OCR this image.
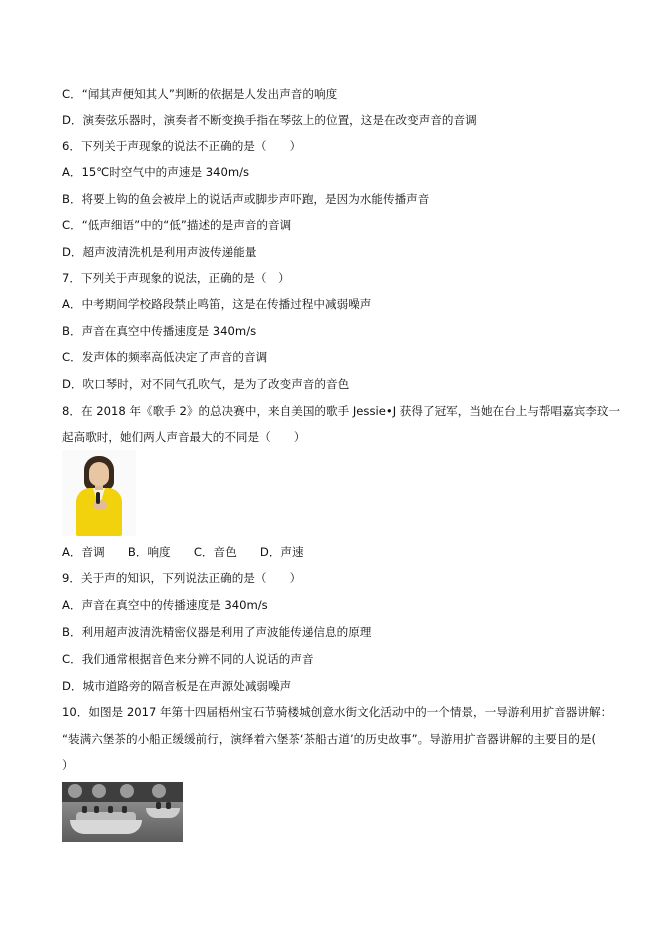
C．“闻其声便知其人”判断的依据是人发出声音的响度
D．演奏弦乐器时，演奏者不断变换手指在琴弦上的位置，这是在改变声音的音调
6．下列关于声现象的说法不正确的是（　　）
A．15℃时空气中的声速是 340m/s
B．将要上钩的鱼会被岸上的说话声或脚步声吓跑，是因为水能传播声音
C．“低声细语”中的“低”描述的是声音的音调
D．超声波清洗机是利用声波传递能量
7．下列关于声现象的说法，正确的是（　）
A．中考期间学校路段禁止鸣笛，这是在传播过程中减弱噪声
B．声音在真空中传播速度是 340m/s
C．发声体的频率高低决定了声音的音调
D．吹口琴时，对不同气孔吹气，是为了改变声音的音色
8．在 2018 年《歌手 2》的总决赛中，来自美国的歌手 Jessie•J 获得了冠军，当她在台上与帮唱嘉宾李玟一
起高歌时，她们两人声音最大的不同是（　　）
A．音调　　B．响度　　C．音色　　D．声速
9．关于声的知识，下列说法正确的是（　　）
A．声音在真空中的传播速度是 340m/s
B．利用超声波清洗精密仪器是利用了声波能传递信息的原理
C．我们通常根据音色来分辨不同的人说话的声音
D．城市道路旁的隔音板是在声源处减弱噪声
10．如图是 2017 年第十四届梧州宝石节骑楼城创意水街文化活动中的一个情景，一导游利用扩音器讲解：
“装满六堡茶的小船正缓缓前行，演绎着六堡茶‘茶船古道’的历史故事”。导游用扩音器讲解的主要目的是(
）
